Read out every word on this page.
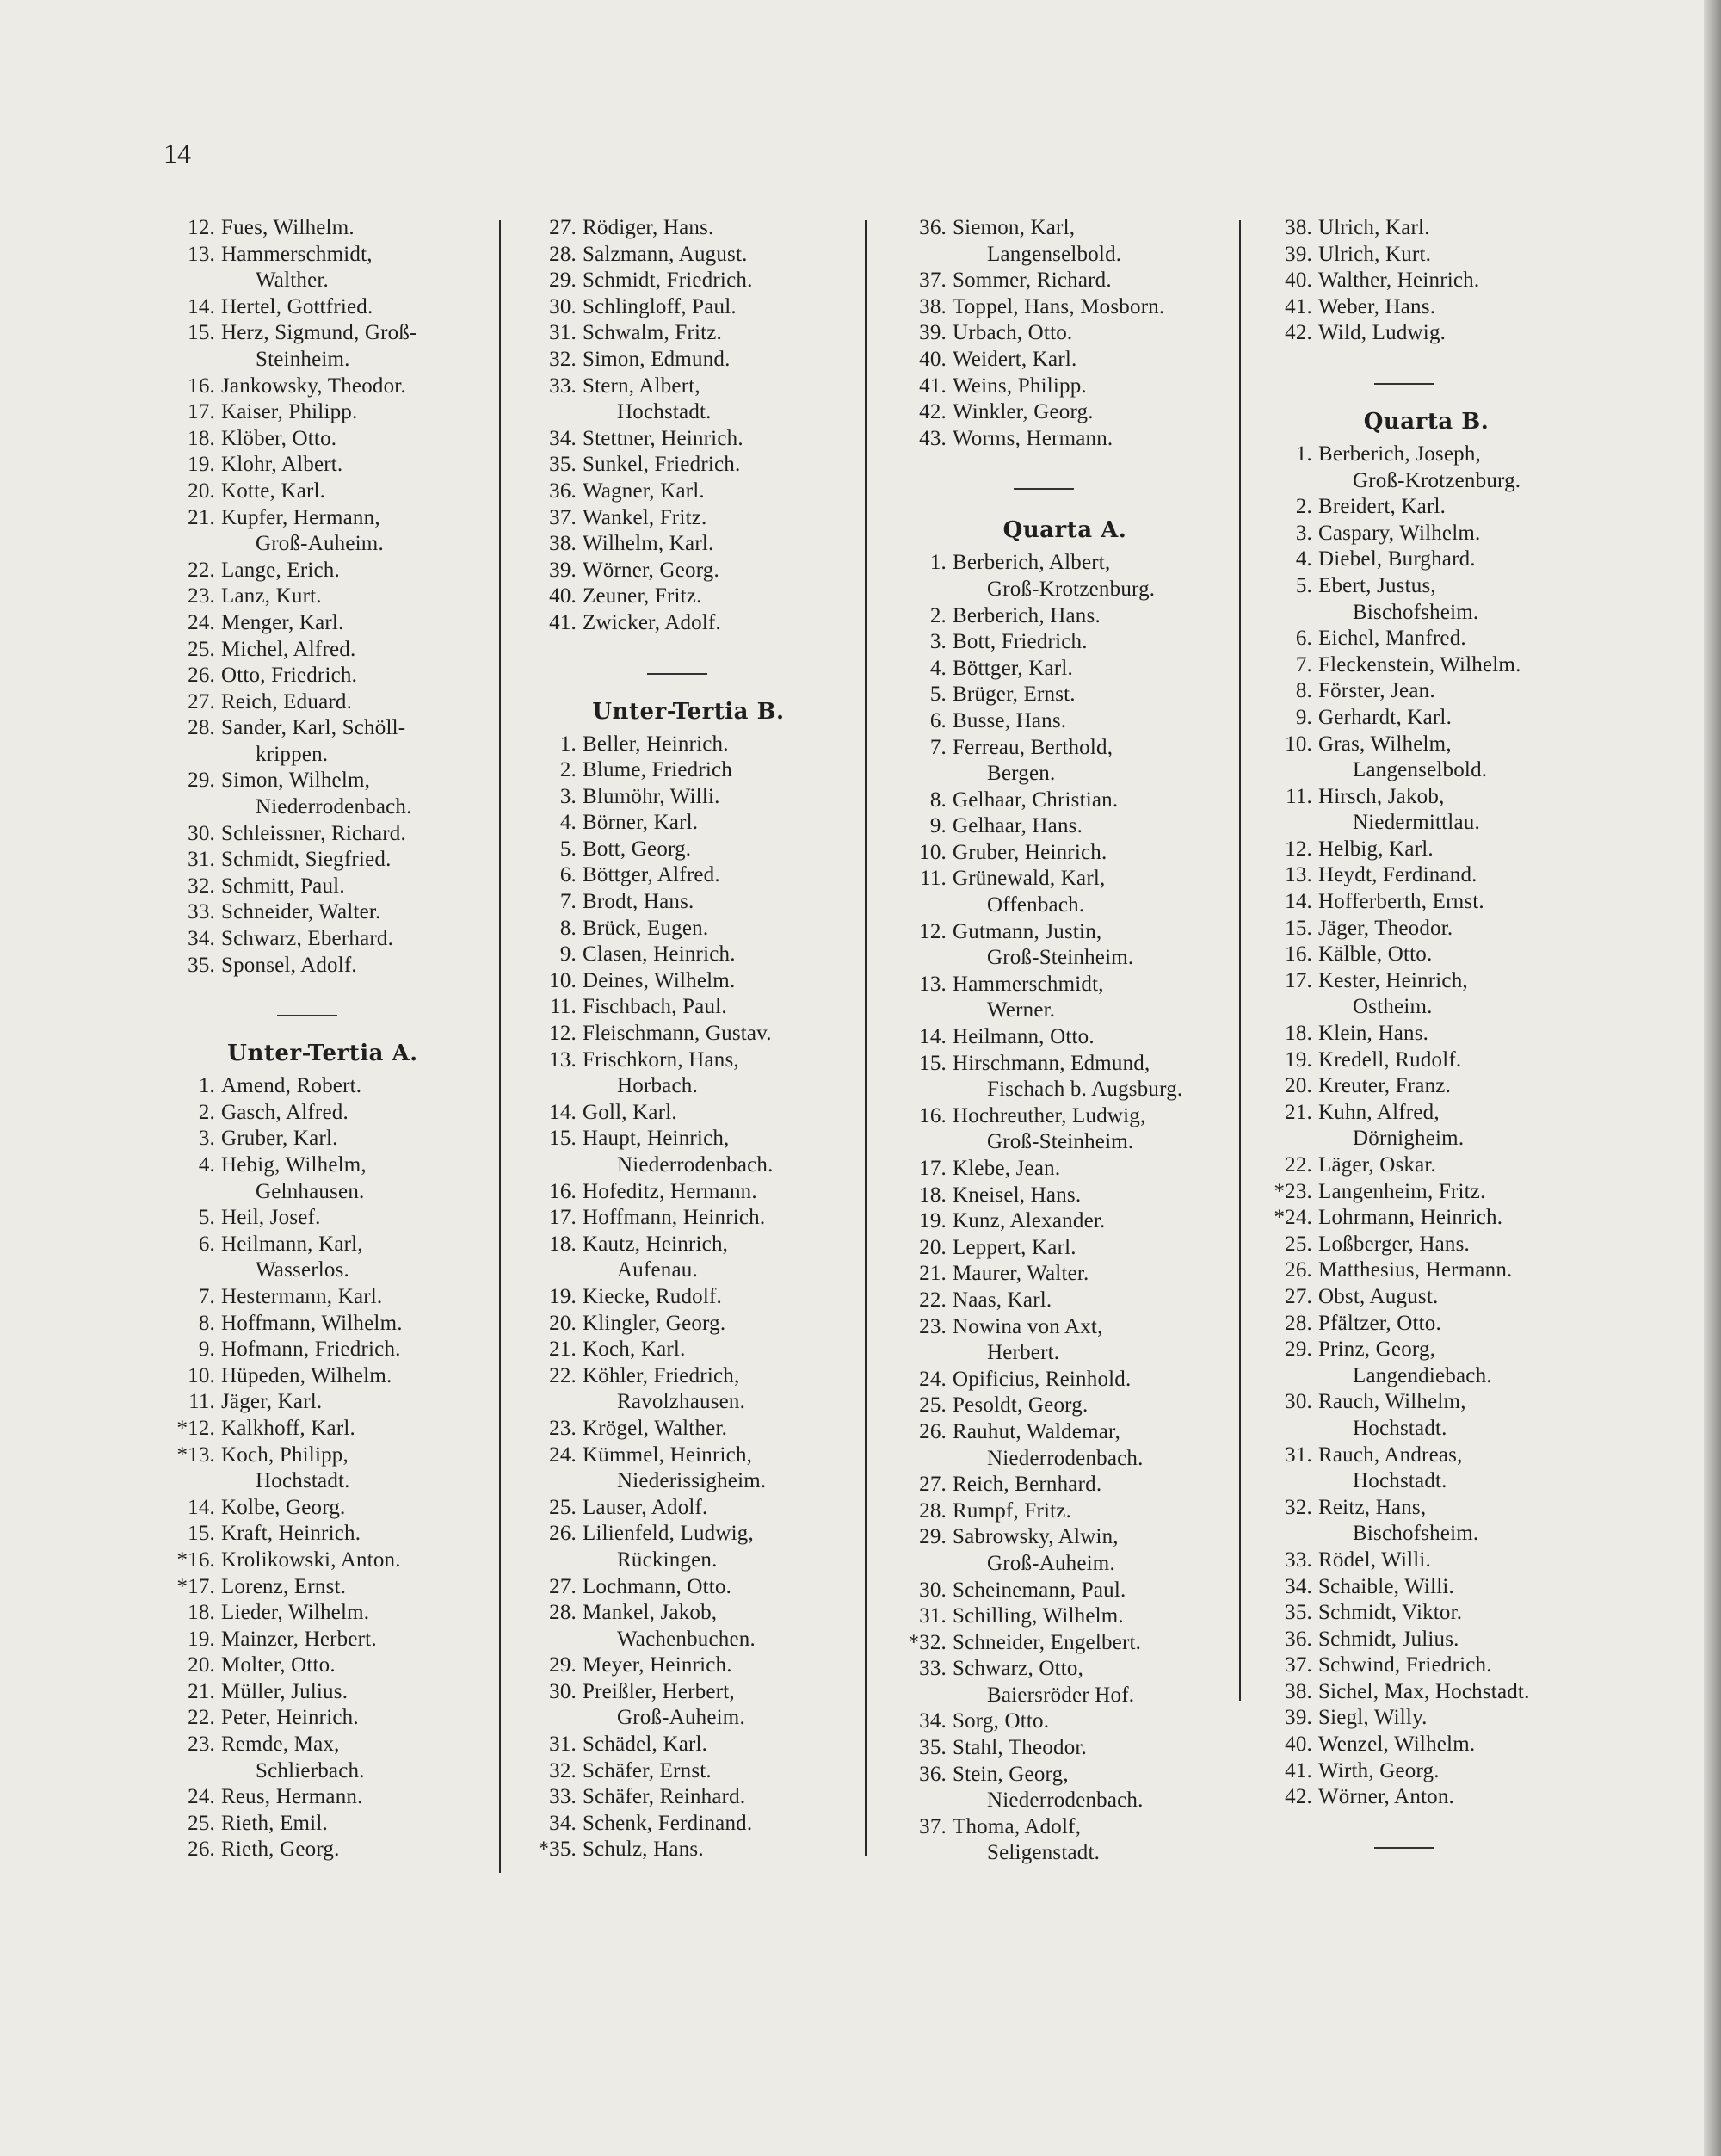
14
12. Fues, Wilhelm.
13. Hammerschmidt,
Walther.
14. Hertel, Gottfried.
15. Herz, Sigmund, Groß-
Steinheim.
16. Jankowsky, Theodor.
17. Kaiser, Philipp.
18. Klöber, Otto.
19. Klohr, Albert.
20. Kotte, Karl.
21. Kupfer, Hermann,
Groß-Auheim.
22. Lange, Erich.
23. Lanz, Kurt.
24. Menger, Karl.
25. Michel, Alfred.
26. Otto, Friedrich.
27. Reich, Eduard.
28. Sander, Karl, Schöll-
krippen.
29. Simon, Wilhelm,
Niederrodenbach.
30. Schleissner, Richard.
31. Schmidt, Siegfried.
32. Schmitt, Paul.
33. Schneider, Walter.
34. Schwarz, Eberhard.
35. Sponsel, Adolf.
Unter-Tertia A.
1. Amend, Robert.
2. Gasch, Alfred.
3. Gruber, Karl.
4. Hebig, Wilhelm,
Gelnhausen.
5. Heil, Josef.
6. Heilmann, Karl,
Wasserlos.
7. Hestermann, Karl.
8. Hoffmann, Wilhelm.
9. Hofmann, Friedrich.
10. Hüpeden, Wilhelm.
11. Jäger, Karl.
*12. Kalkhoff, Karl.
*13. Koch, Philipp,
Hochstadt.
14. Kolbe, Georg.
15. Kraft, Heinrich.
*16. Krolikowski, Anton.
*17. Lorenz, Ernst.
18. Lieder, Wilhelm.
19. Mainzer, Herbert.
20. Molter, Otto.
21. Müller, Julius.
22. Peter, Heinrich.
23. Remde, Max,
Schlierbach.
24. Reus, Hermann.
25. Rieth, Emil.
26. Rieth, Georg.
27. Rödiger, Hans.
28. Salzmann, August.
29. Schmidt, Friedrich.
30. Schlingloff, Paul.
31. Schwalm, Fritz.
32. Simon, Edmund.
33. Stern, Albert,
Hochstadt.
34. Stettner, Heinrich.
35. Sunkel, Friedrich.
36. Wagner, Karl.
37. Wankel, Fritz.
38. Wilhelm, Karl.
39. Wörner, Georg.
40. Zeuner, Fritz.
41. Zwicker, Adolf.
Unter-Tertia B.
1. Beller, Heinrich.
2. Blume, Friedrich
3. Blumöhr, Willi.
4. Börner, Karl.
5. Bott, Georg.
6. Böttger, Alfred.
7. Brodt, Hans.
8. Brück, Eugen.
9. Clasen, Heinrich.
10. Deines, Wilhelm.
11. Fischbach, Paul.
12. Fleischmann, Gustav.
13. Frischkorn, Hans,
Horbach.
14. Goll, Karl.
15. Haupt, Heinrich,
Niederrodenbach.
16. Hofeditz, Hermann.
17. Hoffmann, Heinrich.
18. Kautz, Heinrich,
Aufenau.
19. Kiecke, Rudolf.
20. Klingler, Georg.
21. Koch, Karl.
22. Köhler, Friedrich,
Ravolzhausen.
23. Krögel, Walther.
24. Kümmel, Heinrich,
Niederissigheim.
25. Lauser, Adolf.
26. Lilienfeld, Ludwig,
Rückingen.
27. Lochmann, Otto.
28. Mankel, Jakob,
Wachenbuchen.
29. Meyer, Heinrich.
30. Preißler, Herbert,
Groß-Auheim.
31. Schädel, Karl.
32. Schäfer, Ernst.
33. Schäfer, Reinhard.
34. Schenk, Ferdinand.
*35. Schulz, Hans.
36. Siemon, Karl,
Langenselbold.
37. Sommer, Richard.
38. Toppel, Hans, Mosborn.
39. Urbach, Otto.
40. Weidert, Karl.
41. Weins, Philipp.
42. Winkler, Georg.
43. Worms, Hermann.
Quarta A.
1. Berberich, Albert,
Groß-Krotzenburg.
2. Berberich, Hans.
3. Bott, Friedrich.
4. Böttger, Karl.
5. Brüger, Ernst.
6. Busse, Hans.
7. Ferreau, Berthold,
Bergen.
8. Gelhaar, Christian.
9. Gelhaar, Hans.
10. Gruber, Heinrich.
11. Grünewald, Karl,
Offenbach.
12. Gutmann, Justin,
Groß-Steinheim.
13. Hammerschmidt,
Werner.
14. Heilmann, Otto.
15. Hirschmann, Edmund,
Fischach b. Augsburg.
16. Hochreuther, Ludwig,
Groß-Steinheim.
17. Klebe, Jean.
18. Kneisel, Hans.
19. Kunz, Alexander.
20. Leppert, Karl.
21. Maurer, Walter.
22. Naas, Karl.
23. Nowina von Axt,
Herbert.
24. Opificius, Reinhold.
25. Pesoldt, Georg.
26. Rauhut, Waldemar,
Niederrodenbach.
27. Reich, Bernhard.
28. Rumpf, Fritz.
29. Sabrowsky, Alwin,
Groß-Auheim.
30. Scheinemann, Paul.
31. Schilling, Wilhelm.
*32. Schneider, Engelbert.
33. Schwarz, Otto,
Baiersröder Hof.
34. Sorg, Otto.
35. Stahl, Theodor.
36. Stein, Georg,
Niederrodenbach.
37. Thoma, Adolf,
Seligenstadt.
38. Ulrich, Karl.
39. Ulrich, Kurt.
40. Walther, Heinrich.
41. Weber, Hans.
42. Wild, Ludwig.
Quarta B.
1. Berberich, Joseph,
Groß-Krotzenburg.
2. Breidert, Karl.
3. Caspary, Wilhelm.
4. Diebel, Burghard.
5. Ebert, Justus,
Bischofsheim.
6. Eichel, Manfred.
7. Fleckenstein, Wilhelm.
8. Förster, Jean.
9. Gerhardt, Karl.
10. Gras, Wilhelm,
Langenselbold.
11. Hirsch, Jakob,
Niedermittlau.
12. Helbig, Karl.
13. Heydt, Ferdinand.
14. Hofferberth, Ernst.
15. Jäger, Theodor.
16. Kälble, Otto.
17. Kester, Heinrich,
Ostheim.
18. Klein, Hans.
19. Kredell, Rudolf.
20. Kreuter, Franz.
21. Kuhn, Alfred,
Dörnigheim.
22. Läger, Oskar.
*23. Langenheim, Fritz.
*24. Lohrmann, Heinrich.
25. Loßberger, Hans.
26. Matthesius, Hermann.
27. Obst, August.
28. Pfältzer, Otto.
29. Prinz, Georg,
Langendiebach.
30. Rauch, Wilhelm,
Hochstadt.
31. Rauch, Andreas,
Hochstadt.
32. Reitz, Hans,
Bischofsheim.
33. Rödel, Willi.
34. Schaible, Willi.
35. Schmidt, Viktor.
36. Schmidt, Julius.
37. Schwind, Friedrich.
38. Sichel, Max, Hochstadt.
39. Siegl, Willy.
40. Wenzel, Wilhelm.
41. Wirth, Georg.
42. Wörner, Anton.
